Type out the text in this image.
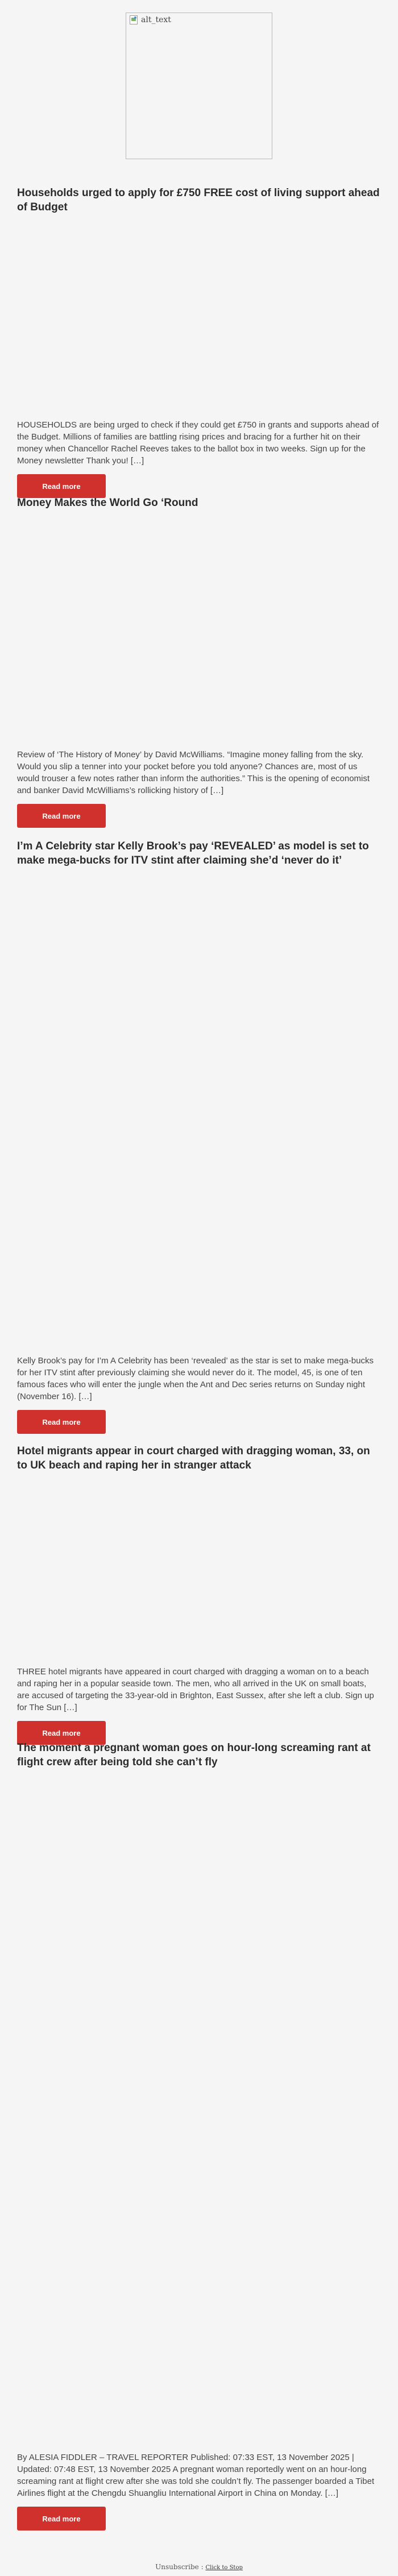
alt_text
Households urged to apply for £750 FREE cost of living support ahead of Budget

HOUSEHOLDS are being urged to check if they could get £750 in grants and supports ahead of the Budget. Millions of families are battling rising prices and bracing for a further hit on their money when Chancellor Rachel Reeves takes to the ballot box in two weeks. Sign up for the Money newsletter Thank you! […]

Read more
Money Makes the World Go ‘Round

Review of ‘The History of Money’ by David McWilliams. “Imagine money falling from the sky. Would you slip a tenner into your pocket before you told anyone? Chances are, most of us would trouser a few notes rather than inform the authorities.” This is the opening of economist and banker David McWilliams’s rollicking history of […]

Read more
I’m A Celebrity star Kelly Brook’s pay ‘REVEALED’ as model is set to make mega-bucks for ITV stint after claiming she’d ‘never do it’

Kelly Brook’s pay for I’m A Celebrity has been ‘revealed’ as the star is set to make mega-bucks for her ITV stint after previously claiming she would never do it. The model, 45, is one of ten famous faces who will enter the jungle when the Ant and Dec series returns on Sunday night (November 16). […]

Read more
Hotel migrants appear in court charged with dragging woman, 33, on to UK beach and raping her in stranger attack

THREE hotel migrants have appeared in court charged with dragging a woman on to a beach and raping her in a popular seaside town. The men, who all arrived in the UK on small boats, are accused of targeting the 33-year-old in Brighton, East Sussex, after she left a club. Sign up for The Sun […]

Read more
The moment a pregnant woman goes on hour-long screaming rant at flight crew after being told she can’t fly

By ALESIA FIDDLER – TRAVEL REPORTER Published: 07:33 EST, 13 November 2025 | Updated: 07:48 EST, 13 November 2025 A pregnant woman reportedly went on an hour-long screaming rant at flight crew after she was told she couldn’t fly. The passenger boarded a Tibet Airlines flight at the Chengdu Shuangliu International Airport in China on Monday. […]

Read more
Unsubscribe : Click to Stop
